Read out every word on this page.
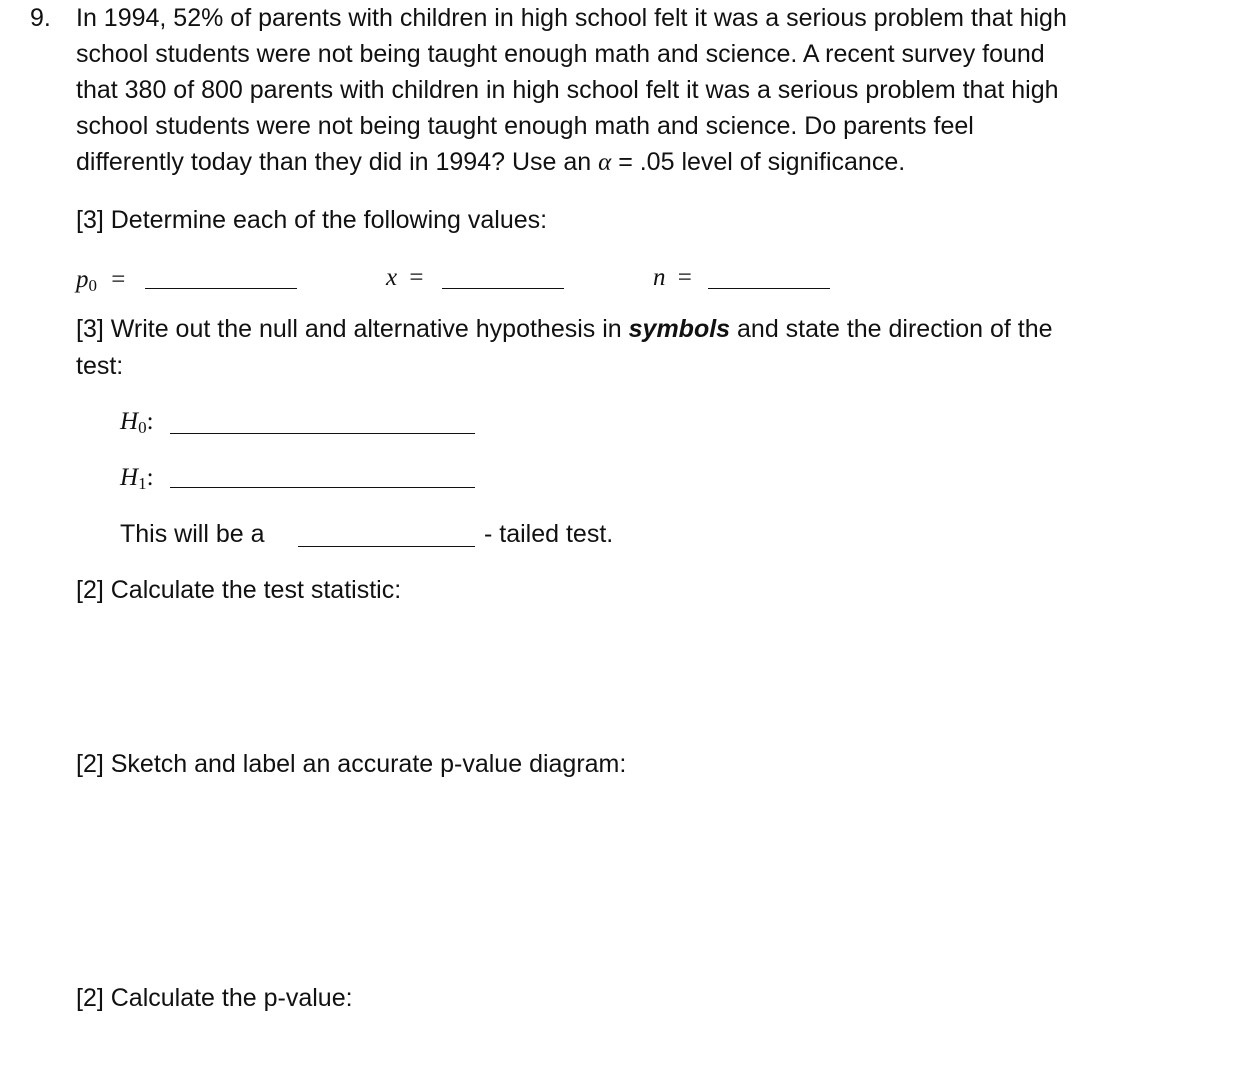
9. In 1994, 52% of parents with children in high school felt it was a serious problem that high
school students were not being taught enough math and science. A recent survey found
that 380 of 800 parents with children in high school felt it was a serious problem that high
school students were not being taught enough math and science. Do parents feel
differently today than they did in 1994? Use an α = .05 level of significance.
[3] Determine each of the following values:
$p_0$ =	x =	n =
[3] Write out the null and alternative hypothesis in symbols and state the direction of the
test:
$H_0$:
$H_1$:
This will be a	- tailed test.
[2] Calculate the test statistic:
[2] Sketch and label an accurate p-value diagram:
[2] Calculate the p-value:
